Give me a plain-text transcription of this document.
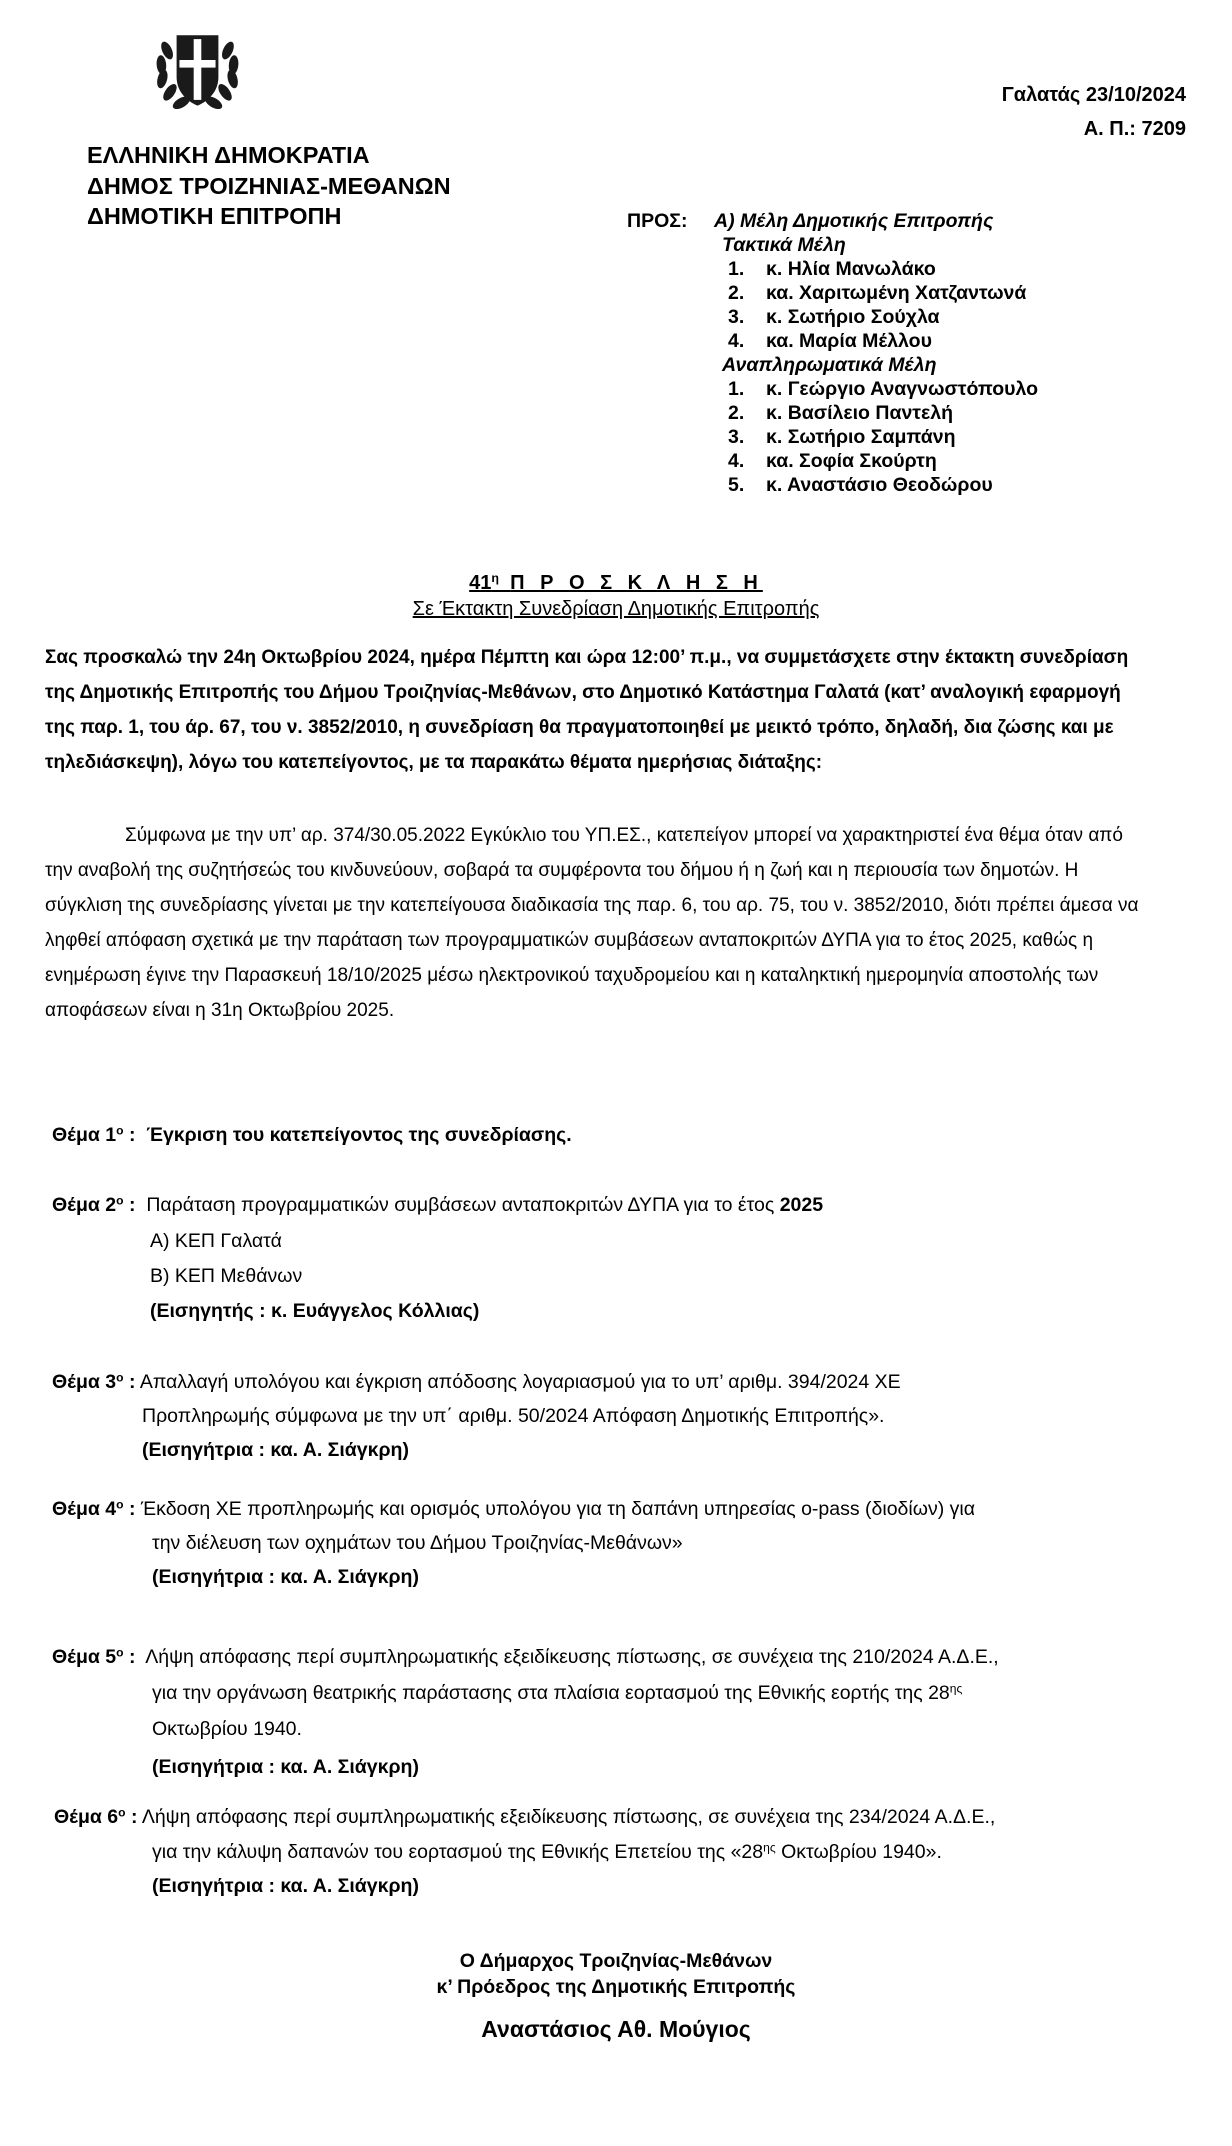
ΕΛΛΗΝΙΚΗ ΔΗΜΟΚΡΑΤΙΑ
ΔΗΜΟΣ ΤΡΟΙΖΗΝΙΑΣ-ΜΕΘΑΝΩΝ
ΔΗΜΟΤΙΚΗ ΕΠΙΤΡΟΠΗ
Γαλατάς 23/10/2024
Α. Π.: 7209
ΠΡΟΣ: Α) Μέλη Δημοτικής Επιτροπής
Τακτικά Μέλη
1. κ. Ηλία Μανωλάκο
2. κα. Χαριτωμένη Χατζαντωνά
3. κ. Σωτήριο Σούχλα
4. κα. Μαρία Μέλλου
Αναπληρωματικά Μέλη
1. κ. Γεώργιο Αναγνωστόπουλο
2. κ. Βασίλειο Παντελή
3. κ. Σωτήριο Σαμπάνη
4. κα. Σοφία Σκούρτη
5. κ. Αναστάσιο Θεοδώρου
$41^\eta$ Π Ρ Ο Σ Κ Λ Η Σ Η
Σε Έκτακτη Συνεδρίαση Δημοτικής Επιτροπής

Σας προσκαλώ την 24η Οκτωβρίου 2024, ημέρα Πέμπτη και ώρα 12:00’ π.μ., να συμμετάσχετε στην έκτακτη συνεδρίαση της Δημοτικής Επιτροπής του Δήμου Τροιζηνίας-Μεθάνων, στο Δημοτικό Κατάστημα Γαλατά (κατ’ αναλογική εφαρμογή της παρ. 1, του άρ. 67, του ν. 3852/2010, η συνεδρίαση θα πραγματοποιηθεί με μεικτό τρόπο, δηλαδή, δια ζώσης και με τηλεδιάσκεψη), λόγω του κατεπείγοντος, με τα παρακάτω θέματα ημερήσιας διάταξης:

Σύμφωνα με την υπ’ αρ. 374/30.05.2022 Εγκύκλιο του ΥΠ.ΕΣ., κατεπείγον μπορεί να χαρακτηριστεί ένα θέμα όταν από την αναβολή της συζητήσεώς του κινδυνεύουν, σοβαρά τα συμφέροντα του δήμου ή η ζωή και η περιουσία των δημοτών. Η σύγκλιση της συνεδρίασης γίνεται με την κατεπείγουσα διαδικασία της παρ. 6, του αρ. 75, του ν. 3852/2010, διότι πρέπει άμεσα να ληφθεί απόφαση σχετικά με την παράταση των προγραμματικών συμβάσεων ανταποκριτών ΔΥΠΑ για το έτος 2025, καθώς η ενημέρωση έγινε την Παρασκευή 18/10/2025 μέσω ηλεκτρονικού ταχυδρομείου και η καταληκτική ημερομηνία αποστολής των αποφάσεων είναι η 31η Οκτωβρίου 2025.

Θέμα $1^o$ : Έγκριση του κατεπείγοντος της συνεδρίασης.
Θέμα $2^o$ : Παράταση προγραμματικών συμβάσεων ανταποκριτών ΔΥΠΑ για το έτος 2025
Α) ΚΕΠ Γαλατά
Β) ΚΕΠ Μεθάνων
(Εισηγητής : κ. Ευάγγελος Κόλλιας)
Θέμα $3^o$ : Απαλλαγή υπολόγου και έγκριση απόδοσης λογαριασμού για το υπ’ αριθμ. 394/2024 ΧΕ
Προπληρωμής σύμφωνα με την υπ΄ αριθμ. 50/2024 Απόφαση Δημοτικής Επιτροπής».
(Εισηγήτρια : κα. Α. Σιάγκρη)
Θέμα $4^o$ : Έκδοση ΧΕ προπληρωμής και ορισμός υπολόγου για τη δαπάνη υπηρεσίας o-pass (διοδίων) για
την διέλευση των οχημάτων του Δήμου Τροιζηνίας-Μεθάνων»
(Εισηγήτρια : κα. Α. Σιάγκρη)
Θέμα $5^o$ : Λήψη απόφασης περί συμπληρωματικής εξειδίκευσης πίστωσης, σε συνέχεια της 210/2024 Α.Δ.Ε.,
για την οργάνωση θεατρικής παράστασης στα πλαίσια εορτασμού της Εθνικής εορτής της $28^{\eta\varsigma}$
Οκτωβρίου 1940.
(Εισηγήτρια : κα. Α. Σιάγκρη)
Θέμα $6^o$ : Λήψη απόφασης περί συμπληρωματικής εξειδίκευσης πίστωσης, σε συνέχεια της 234/2024 Α.Δ.Ε.,
για την κάλυψη δαπανών του εορτασμού της Εθνικής Επετείου της «$28^{\eta\varsigma}$ Οκτωβρίου 1940».
(Εισηγήτρια : κα. Α. Σιάγκρη)
Ο Δήμαρχος Τροιζηνίας-Μεθάνων
κ’ Πρόεδρος της Δημοτικής Επιτροπής
Αναστάσιος Αθ. Μούγιος
